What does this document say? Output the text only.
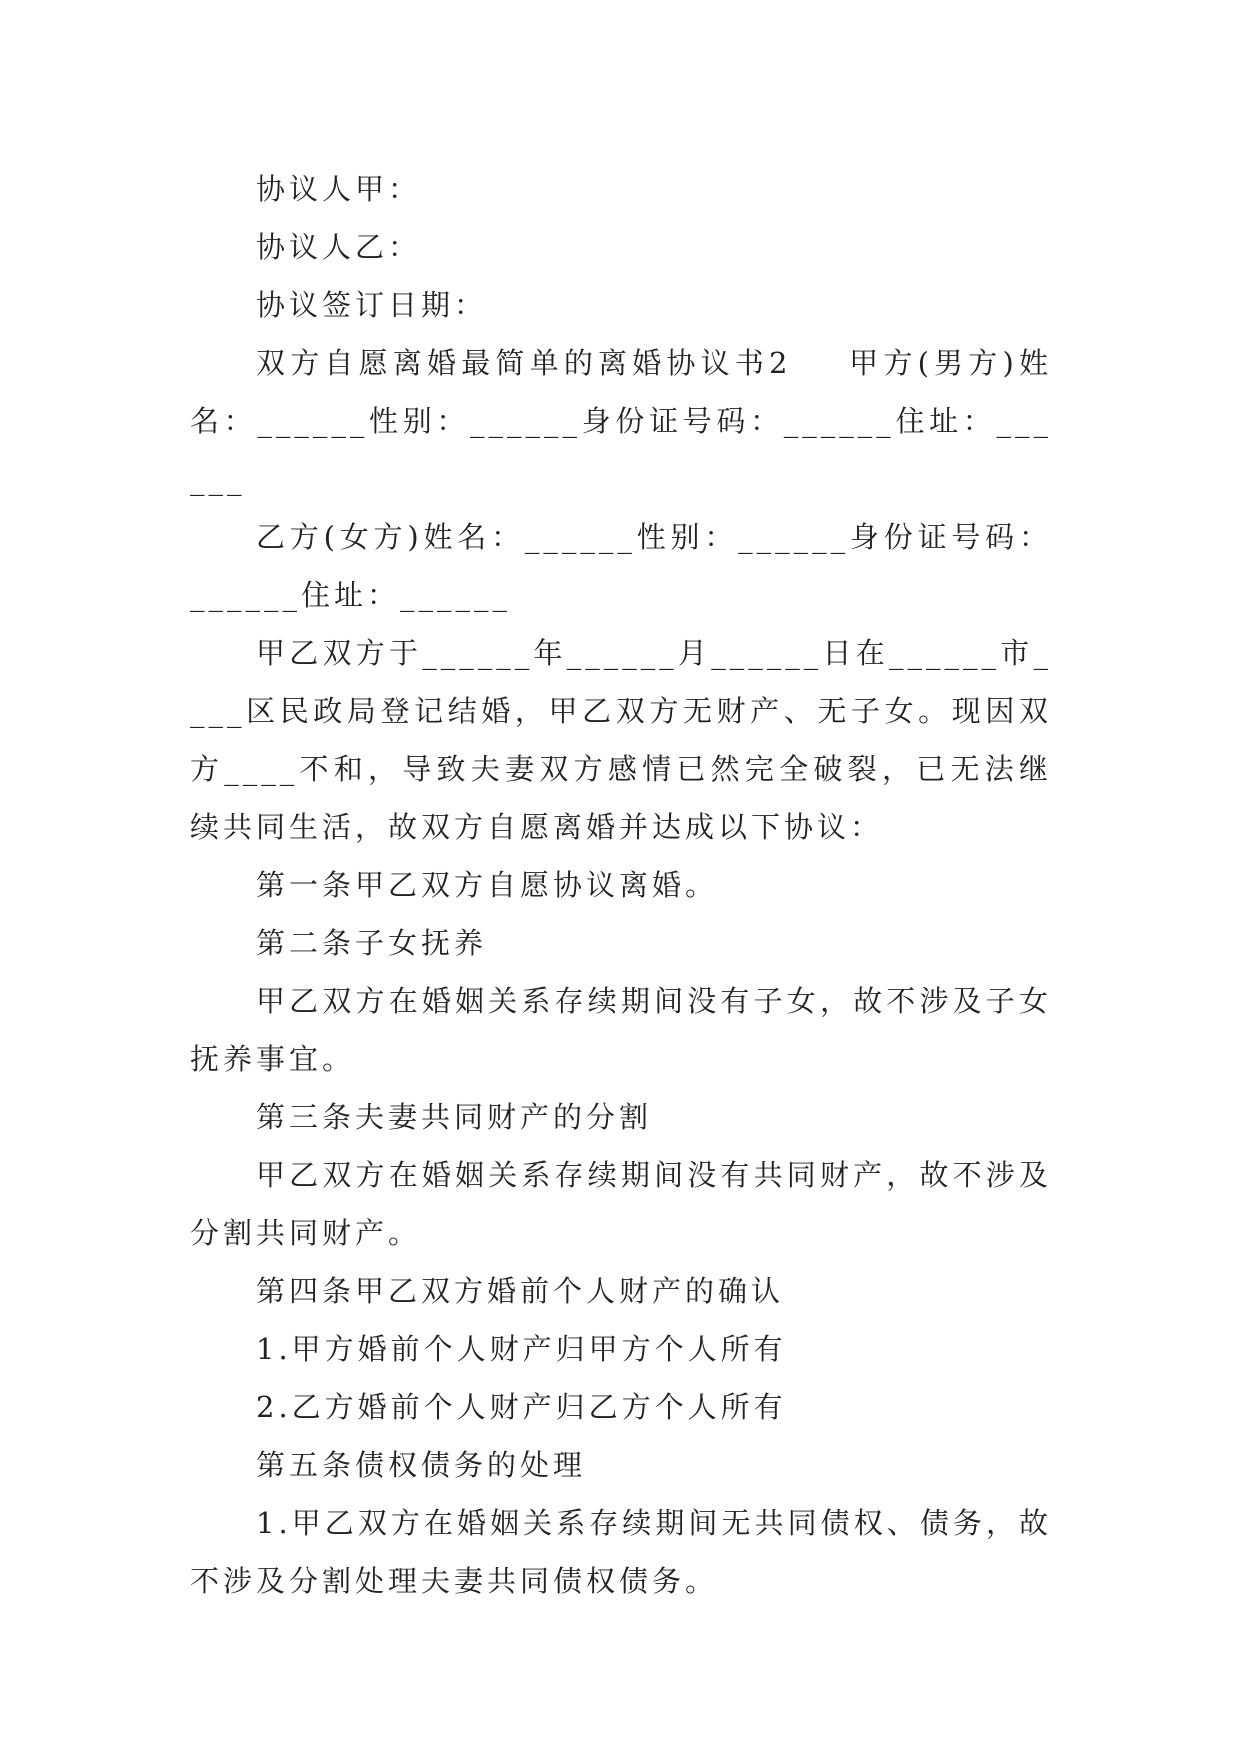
协议人甲：

协议人乙：

协议签订日期：

双方自愿离婚最简单的离婚协议书2    甲方(男方)姓名：______性别：______身份证号码：______住址：______

乙方(女方)姓名：______性别：______身份证号码：______住址：______

甲乙双方于______年______月______日在______市____区民政局登记结婚，甲乙双方无财产、无子女。现因双方____不和，导致夫妻双方感情已然完全破裂，已无法继续共同生活，故双方自愿离婚并达成以下协议：

第一条甲乙双方自愿协议离婚。

第二条子女抚养

甲乙双方在婚姻关系存续期间没有子女，故不涉及子女抚养事宜。

第三条夫妻共同财产的分割

甲乙双方在婚姻关系存续期间没有共同财产，故不涉及分割共同财产。

第四条甲乙双方婚前个人财产的确认

1.甲方婚前个人财产归甲方个人所有

2.乙方婚前个人财产归乙方个人所有

第五条债权债务的处理

1.甲乙双方在婚姻关系存续期间无共同债权、债务，故不涉及分割处理夫妻共同债权债务。
